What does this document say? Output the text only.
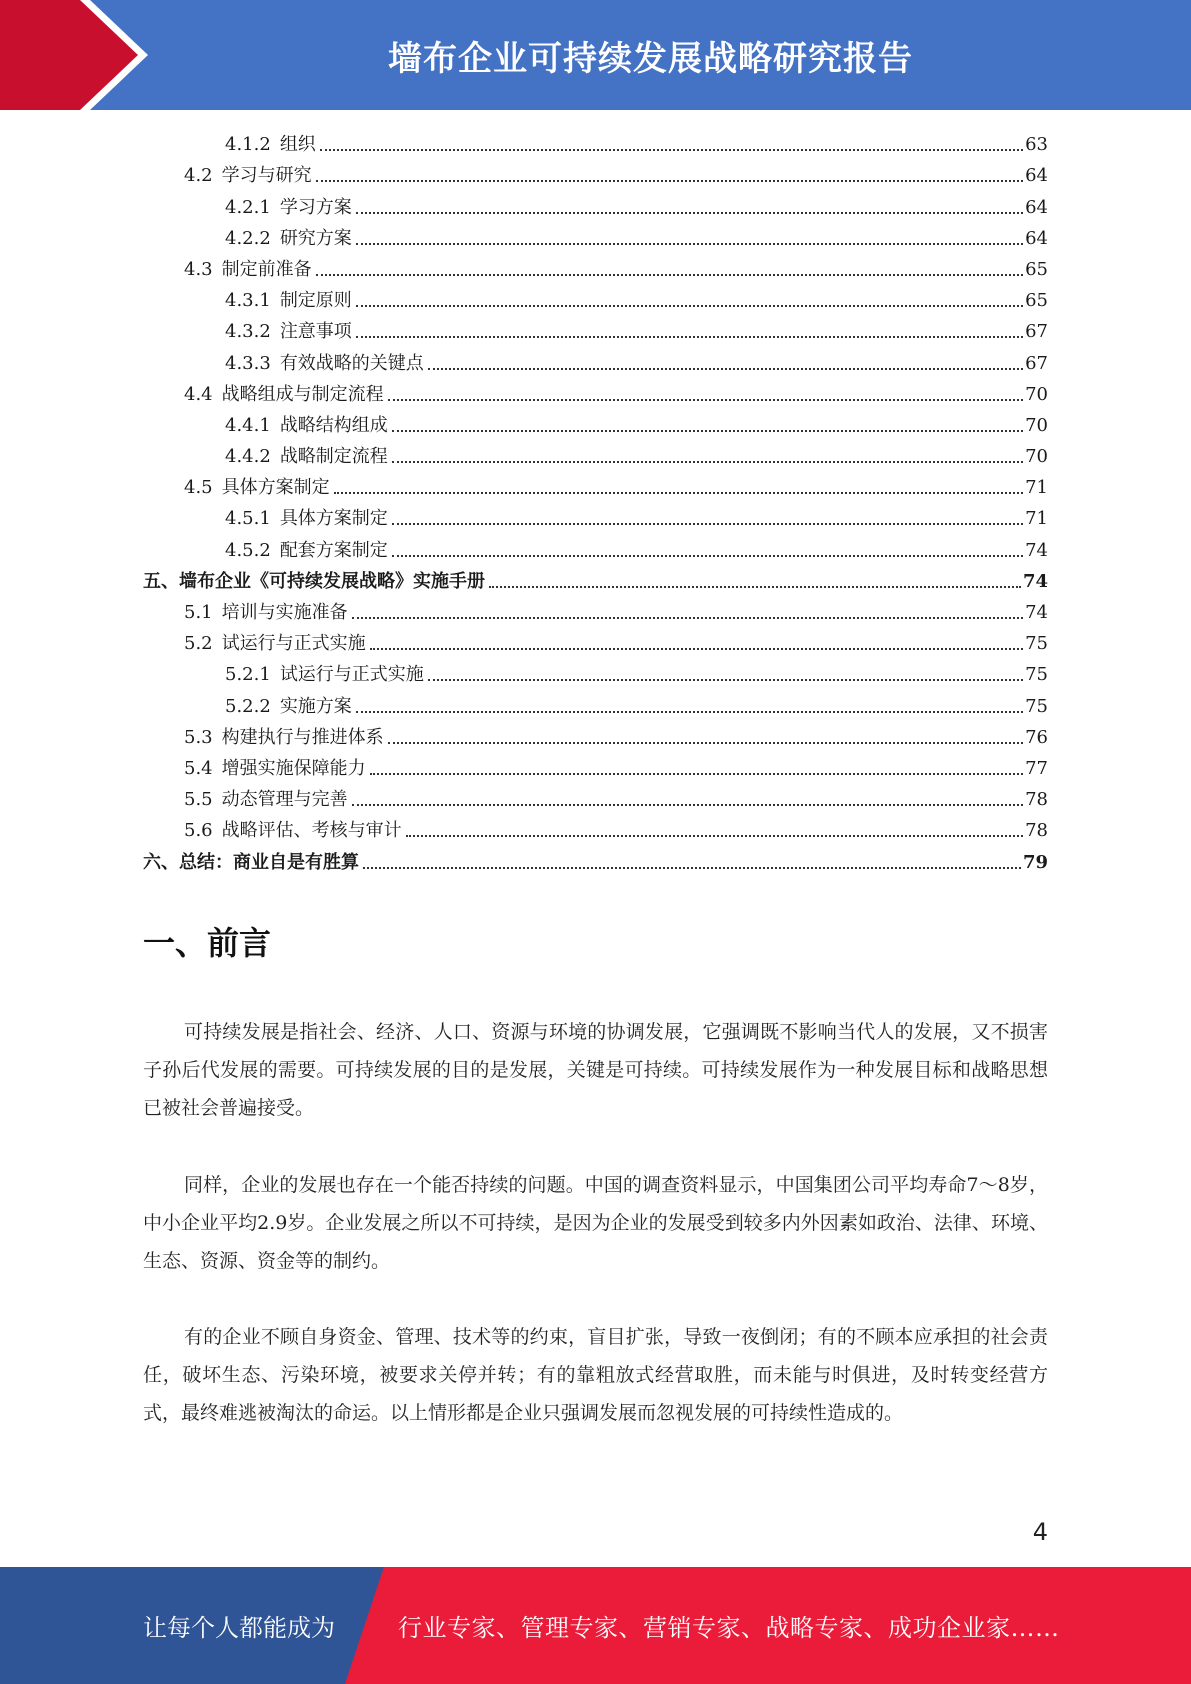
墙布企业可持续发展战略研究报告
4.1.2 组织	63
4.2 学习与研究	64
4.2.1 学习方案	64
4.2.2 研究方案	64
4.3 制定前准备	65
4.3.1 制定原则	65
4.3.2 注意事项	67
4.3.3 有效战略的关键点	67
4.4 战略组成与制定流程	70
4.4.1 战略结构组成	70
4.4.2 战略制定流程	70
4.5 具体方案制定	71
4.5.1 具体方案制定	71
4.5.2 配套方案制定	74
五、墙布企业《可持续发展战略》实施手册	74
5.1 培训与实施准备	74
5.2 试运行与正式实施	75
5.2.1 试运行与正式实施	75
5.2.2 实施方案	75
5.3 构建执行与推进体系	76
5.4 增强实施保障能力	77
5.5 动态管理与完善	78
5.6 战略评估、考核与审计	78
六、总结：商业自是有胜算	79
一、前言

可持续发展是指社会、经济、人口、资源与环境的协调发展，它强调既不影响当代人的发展，又不损害子孙后代发展的需要。可持续发展的目的是发展，关键是可持续。可持续发展作为一种发展目标和战略思想已被社会普遍接受。

同样，企业的发展也存在一个能否持续的问题。中国的调查资料显示，中国集团公司平均寿命7～8岁，中小企业平均2.9岁。企业发展之所以不可持续，是因为企业的发展受到较多内外因素如政治、法律、环境、生态、资源、资金等的制约。

有的企业不顾自身资金、管理、技术等的约束，盲目扩张，导致一夜倒闭；有的不顾本应承担的社会责任，破坏生态、污染环境，被要求关停并转；有的靠粗放式经营取胜，而未能与时俱进，及时转变经营方式，最终难逃被淘汰的命运。以上情形都是企业只强调发展而忽视发展的可持续性造成的。

4
让每个人都能成为	行业专家、管理专家、营销专家、战略专家、成功企业家……
